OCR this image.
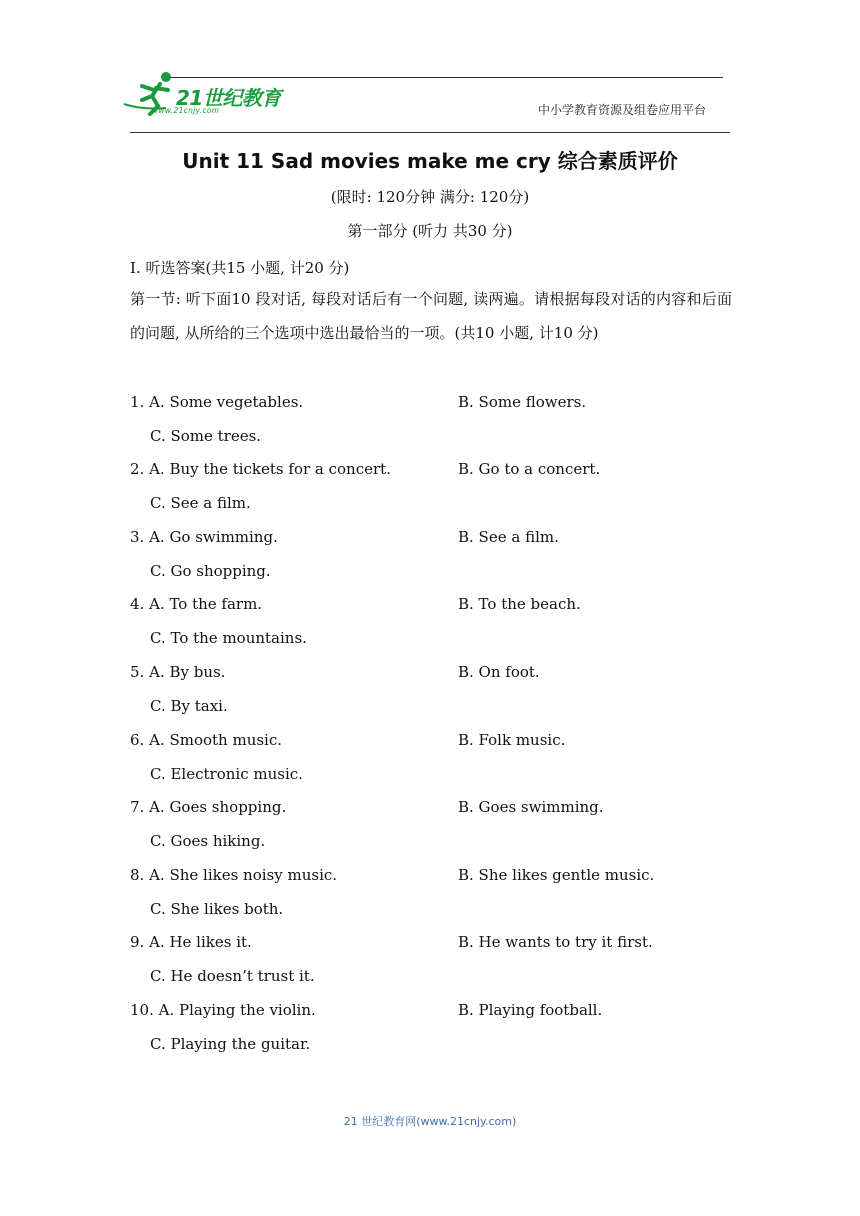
21世纪教育
www.21cnjy.com	中小学教育资源及组卷应用平台
Unit 11 Sad movies make me cry 综合素质评价
(限时: 120分钟 满分: 120分)
第一部分 (听力 共30 分)
I. 听选答案(共15 小题, 计20 分)
第一节: 听下面10 段对话, 每段对话后有一个问题, 读两遍。请根据每段对话的内容和后面的问题, 从所给的三个选项中选出最恰当的一项。(共10 小题, 计10 分)
1. A. Some vegetables.	B. Some flowers.
C. Some trees.
2. A. Buy the tickets for a concert.	B. Go to a concert.
C. See a film.
3. A. Go swimming.	B. See a film.
C. Go shopping.
4. A. To the farm.	B. To the beach.
C. To the mountains.
5. A. By bus.	B. On foot.
C. By taxi.
6. A. Smooth music.	B. Folk music.
C. Electronic music.
7. A. Goes shopping.	B. Goes swimming.
C. Goes hiking.
8. A. She likes noisy music.	B. She likes gentle music.
C. She likes both.
9. A. He likes it.	B. He wants to try it first.
C. He doesn’t trust it.
10. A. Playing the violin.	B. Playing football.
C. Playing the guitar.
21 世纪教育网(www.21cnjy.com)
